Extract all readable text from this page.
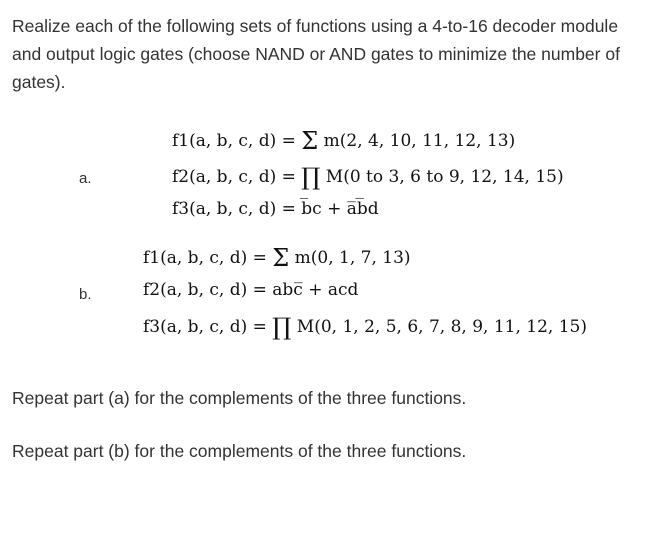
Realize each of the following sets of functions using a 4-to-16 decoder module and output logic gates (choose NAND or AND gates to minimize the number of gates).

a.
f1(a, b, c, d) = Σ m(2, 4, 10, 11, 12, 13)
f2(a, b, c, d) = ∏ M(0 to 3, 6 to 9, 12, 14, 15)
f3(a, b, c, d) = b̅c + a̅b̅d
b.
f1(a, b, c, d) = Σ m(0, 1, 7, 13)
f2(a, b, c, d) = abc̅ + acd
f3(a, b, c, d) = ∏ M(0, 1, 2, 5, 6, 7, 8, 9, 11, 12, 15)

Repeat part (a) for the complements of the three functions.

Repeat part (b) for the complements of the three functions.
